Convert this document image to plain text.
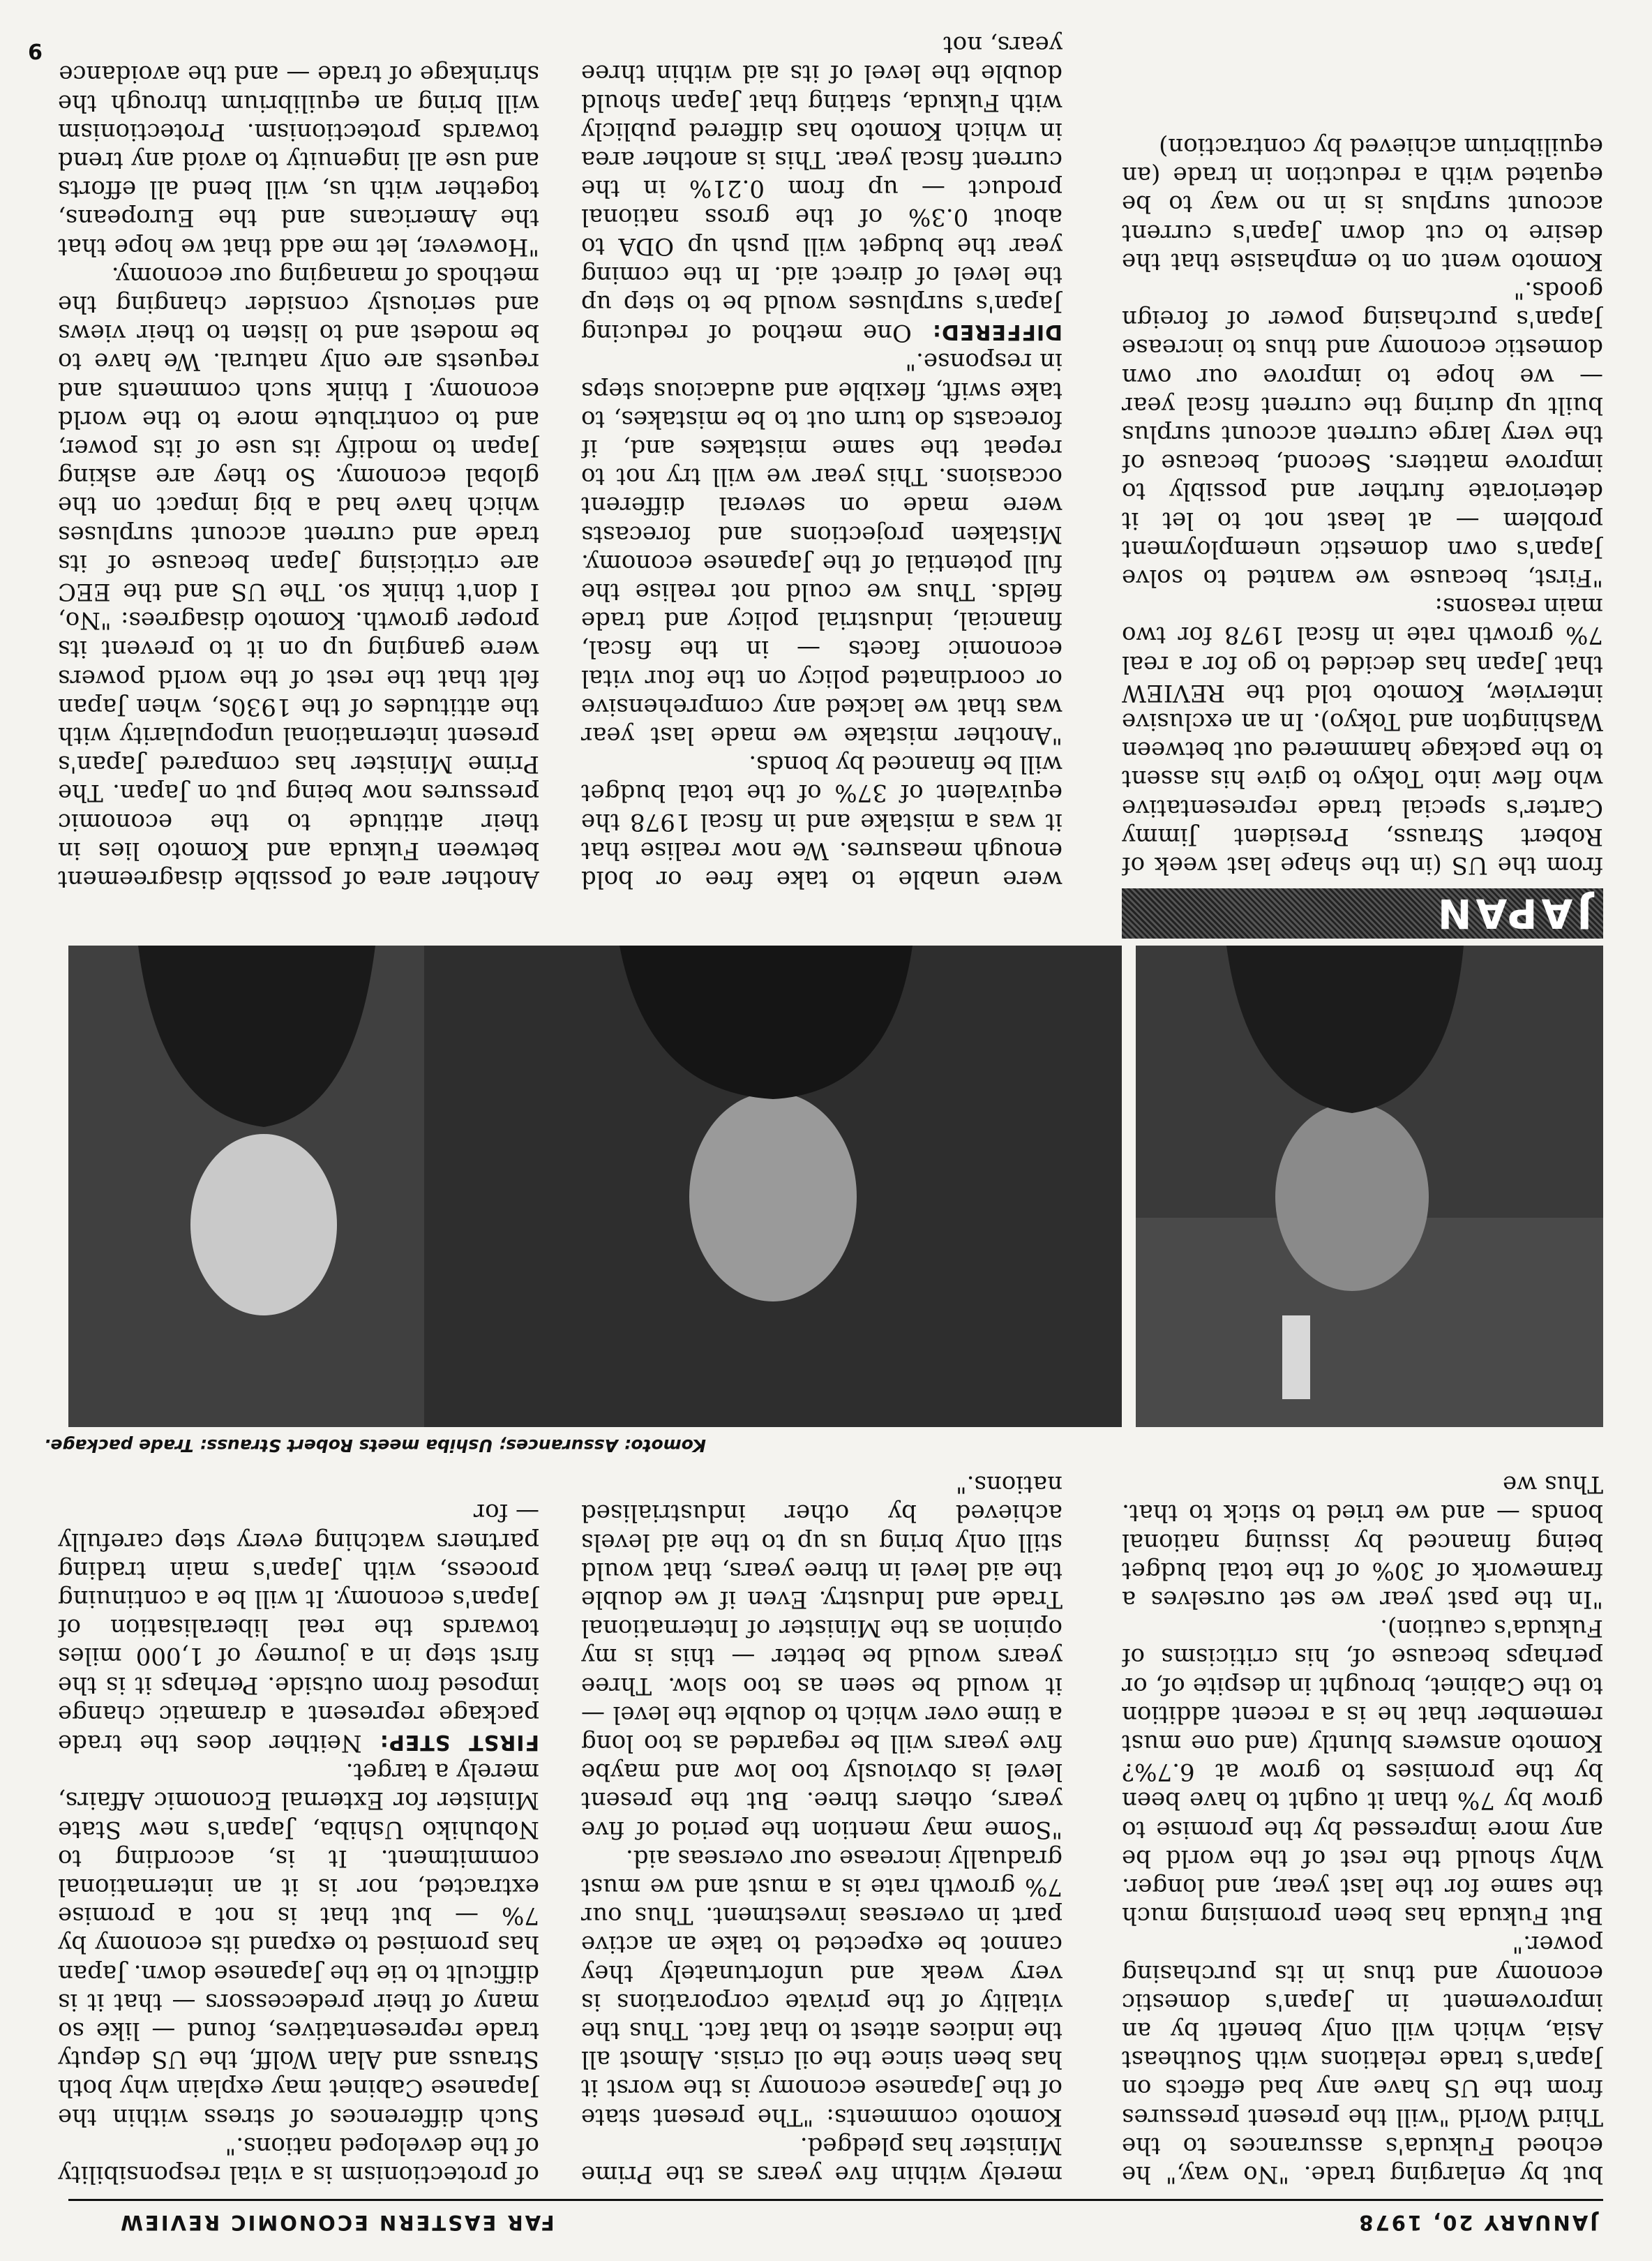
JANUARY 20, 1978
FAR EASTERN ECONOMIC REVIEW
but by enlarging trade. "No way," he echoed Fukuda's assurances to the Third World "will the present pressures from the US have any bad effects on Japan's trade relations with Southeast Asia, which will only benefit by an improvement in Japan's domestic economy and thus in its purchasing power."
But Fukuda has been promising much the same for the last year, and longer. Why should the rest of the world be any more impressed by the promise to grow by 7% than it ought to have been by the promises to grow at 6.7%? Komoto answers bluntly (and one must remember that he is a recent addition to the Cabinet, brought in despite of, or perhaps because of, his criticisms of Fukuda's caution).
"In the past year we set ourselves a framework of 30% of the total budget being financed by issuing national bonds — and we tried to stick to that. Thus we
merely within five years as the Prime Minister has pledged.
Komoto comments: "The present state of the Japanese economy is the worst it has been since the oil crisis. Almost all the indices attest to that fact. Thus the vitality of the private corporations is very weak and unfortunately they cannot be expected to take an active part in overseas investment. Thus our 7% growth rate is a must and we must gradually increase our overseas aid.
"Some may mention the period of five years, others three. But the present level is obviously too low and maybe five years will be regarded as too long a time over which to double the level — it would be seen as too slow. Three years would be better — this is my opinion as the Minister of International Trade and Industry. Even if we double the aid level in three years, that would still only bring us up to the aid levels achieved by other industrialised nations."
of protectionism is a vital responsibility of the developed nations."
Such differences of stress within the Japanese Cabinet may explain why both Strauss and Alan Wolff, the US deputy trade representatives, found — like so many of their predecessors — that it is difficult to tie the Japanese down. Japan has promised to expand its economy by 7% — but that is not a promise extracted, nor is it an international commitment. It is, according to Nobuhiko Ushiba, Japan's new State Minister for External Economic Affairs, merely a target.
FIRST STEP: Neither does the trade package represent a dramatic change imposed from outside. Perhaps it is the first step in a journey of 1,000 miles towards the real liberalisation of Japan's economy. It will be a continuing process, with Japan's main trading partners watching every step carefully — for
Komoto: Assurances; Ushiba meets Robert Strauss: Trade package.
JAPAN
from the US (in the shape last week of Robert Strauss, President Jimmy Carter's special trade representative who flew into Tokyo to give his assent to the package hammered out between Washington and Tokyo). In an exclusive interview, Komoto told the REVIEW that Japan has decided to go for a real 7% growth rate in fiscal 1978 for two main reasons:
"First, because we wanted to solve Japan's own domestic unemployment problem — at least not to let it deteriorate further and possibly to improve matters. Second, because of the very large current account surplus built up during the current fiscal year — we hope to improve our own domestic economy and thus to increase Japan's purchasing power of foreign goods."
Komoto went on to emphasise that the desire to cut down Japan's current account surplus is in no way to be equated with a reduction in trade (an equilibrium achieved by contraction)
were unable to take free or bold enough measures. We now realise that it was a mistake and in fiscal 1978 the equivalent of 37% of the total budget will be financed by bonds.
"Another mistake we made last year was that we lacked any comprehensive or coordinated policy on the four vital economic facets — in the fiscal, financial, industrial policy and trade fields. Thus we could not realise the full potential of the Japanese economy. Mistaken projections and forecasts were made on several different occasions. This year we will try not to repeat the same mistakes and, if forecasts do turn out to be mistakes, to take swift, flexible and audacious steps in response."
DIFFERED: One method of reducing Japan's surpluses would be to step up the level of direct aid. In the coming year the budget will push up ODA to about 0.3% of the gross national product — up from 0.21% in the current fiscal year. This is another area in which Komoto has differed publicly with Fukuda, stating that Japan should double the level of its aid within three years, not
Another area of possible disagreement between Fukuda and Komoto lies in their attitude to the economic pressures now being put on Japan. The Prime Minister has compared Japan's present international unpopularity with the attitudes of the 1930s, when Japan felt that the rest of the world powers were ganging up on it to prevent its proper growth. Komoto disagrees: "No, I don't think so. The US and the EEC are criticising Japan because of its trade and current account surpluses which have had a big impact on the global economy. So they are asking Japan to modify its use of its power, and to contribute more to the world economy. I think such comments and requests are only natural. We have to be modest and to listen to their views and seriously consider changing the methods of managing our economy.
"However, let me add that we hope that the Americans and the Europeans, together with us, will bend all efforts and use all ingenuity to avoid any trend towards protectionism. Protectionism will bring an equilibrium through the shrinkage of trade — and the avoidance
9
